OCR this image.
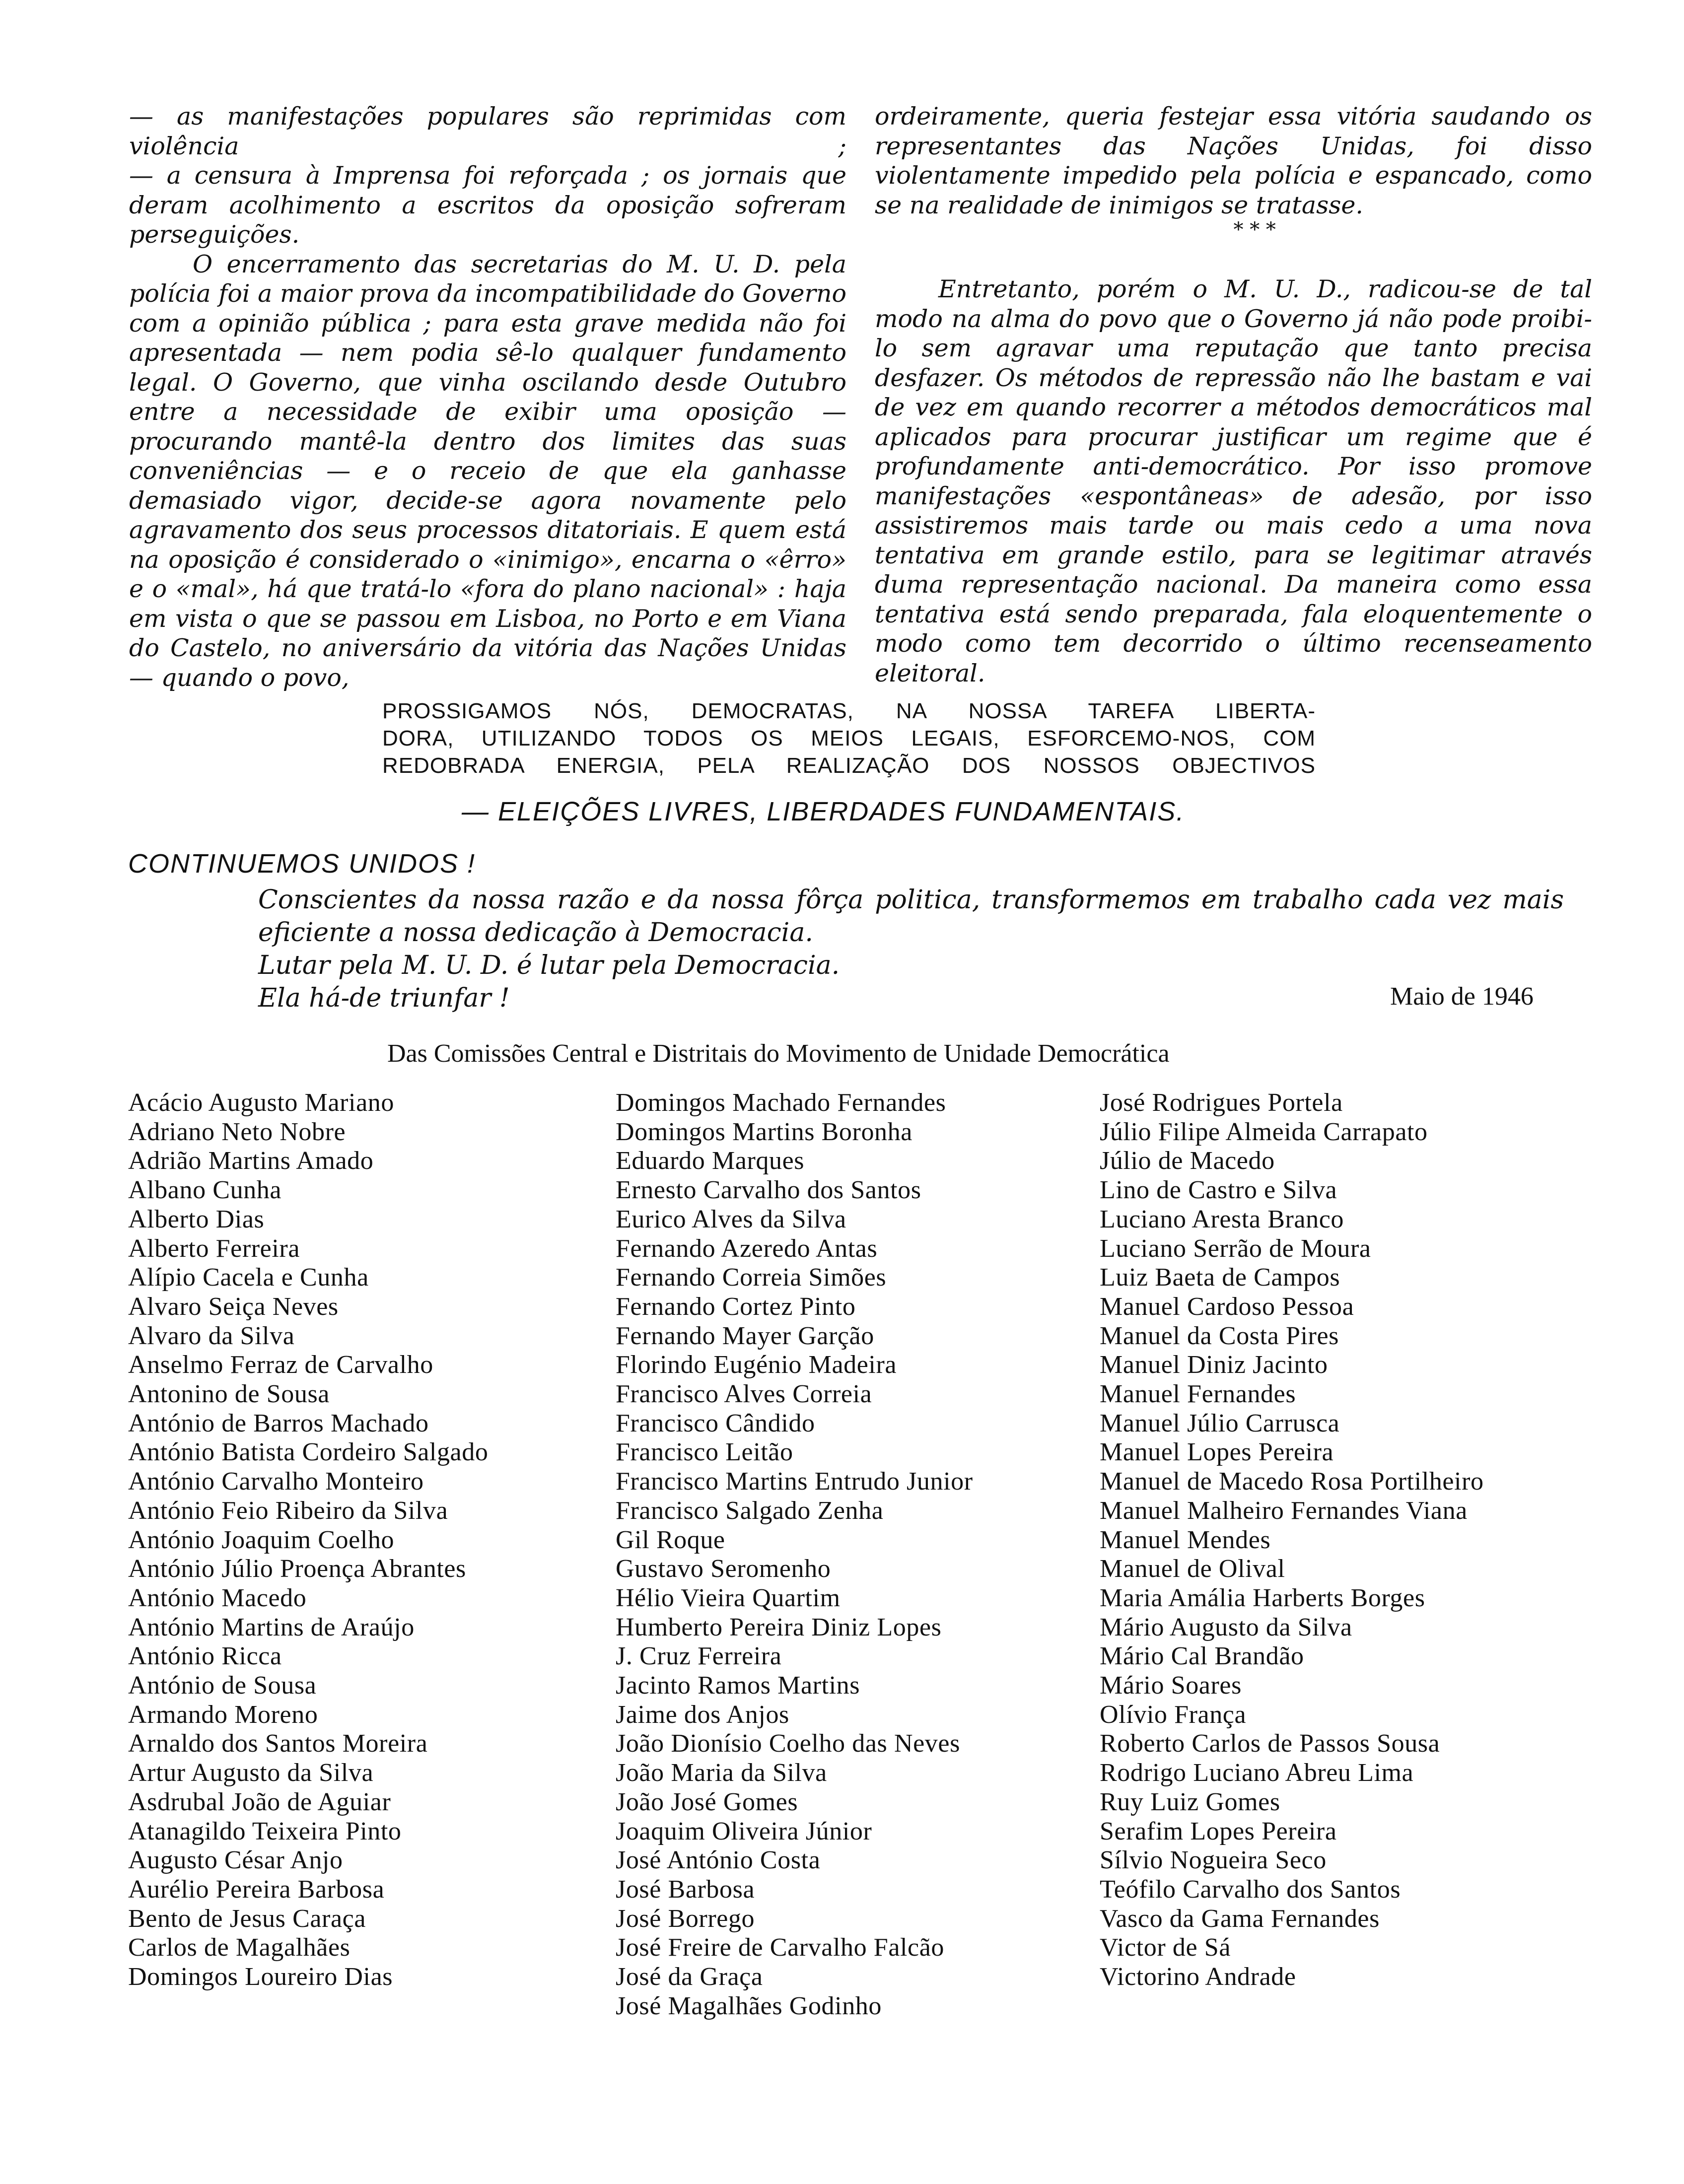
— as manifestações populares são reprimidas com violência ;

— a censura à Imprensa foi reforçada ; os jornais que deram acolhimento a escritos da oposição sofreram perseguições.

O encerramento das secretarias do M. U. D. pela polícia foi a maior prova da incompatibilidade do Governo com a opinião pública ; para esta grave medida não foi apresentada — nem podia sê-lo qualquer fundamento legal. O Governo, que vinha oscilando desde Outubro entre a necessidade de exibir uma oposição — procurando mantê-la dentro dos limites das suas conveniências — e o receio de que ela ganhasse demasiado vigor, decide-se agora novamente pelo agravamento dos seus processos ditatoriais. E quem está na oposição é considerado o «inimigo», encarna o «êrro» e o «mal», há que tratá-lo «fora do plano nacional» : haja em vista o que se passou em Lisboa, no Porto e em Viana do Castelo, no aniversário da vitória das Nações Unidas — quando o povo,

ordeiramente, queria festejar essa vitória saudando os representantes das Nações Unidas, foi disso violentamente impedido pela polícia e espancado, como se na realidade de inimigos se tratasse.

* * *

Entretanto, porém o M. U. D., radicou-se de tal modo na alma do povo que o Governo já não pode proibi-lo sem agravar uma reputação que tanto precisa desfazer. Os métodos de repressão não lhe bastam e vai de vez em quando recorrer a métodos democráticos mal aplicados para procurar justificar um regime que é profundamente anti-democrático. Por isso promove manifestações «espontâneas» de adesão, por isso assistiremos mais tarde ou mais cedo a uma nova tentativa em grande estilo, para se legitimar através duma representação nacional. Da maneira como essa tentativa está sendo preparada, fala eloquentemente o modo como tem decorrido o último recenseamento eleitoral.

PROSSIGAMOS NÓS, DEMOCRATAS, NA NOSSA TAREFA LIBERTA-

DORA, UTILIZANDO TODOS OS MEIOS LEGAIS, ESFORCEMO-NOS, COM

REDOBRADA ENERGIA, PELA REALIZAÇÃO DOS NOSSOS OBJECTIVOS

— ELEIÇÕES LIVRES, LIBERDADES FUNDAMENTAIS.
CONTINUEMOS UNIDOS !

Conscientes da nossa razão e da nossa fôrça politica, transformemos em trabalho cada vez mais

eficiente a nossa dedicação à Democracia.

Lutar pela M. U. D. é lutar pela Democracia.

Ela há-de triunfar !	Maio de 1946
Das Comissões Central e Distritais do Movimento de Unidade Democrática
Acácio Augusto Mariano
Adriano Neto Nobre
Adrião Martins Amado
Albano Cunha
Alberto Dias
Alberto Ferreira
Alípio Cacela e Cunha
Alvaro Seiça Neves
Alvaro da Silva
Anselmo Ferraz de Carvalho
Antonino de Sousa
António de Barros Machado
António Batista Cordeiro Salgado
António Carvalho Monteiro
António Feio Ribeiro da Silva
António Joaquim Coelho
António Júlio Proença Abrantes
António Macedo
António Martins de Araújo
António Ricca
António de Sousa
Armando Moreno
Arnaldo dos Santos Moreira
Artur Augusto da Silva
Asdrubal João de Aguiar
Atanagildo Teixeira Pinto
Augusto César Anjo
Aurélio Pereira Barbosa
Bento de Jesus Caraça
Carlos de Magalhães
Domingos Loureiro Dias
Domingos Machado Fernandes
Domingos Martins Boronha
Eduardo Marques
Ernesto Carvalho dos Santos
Eurico Alves da Silva
Fernando Azeredo Antas
Fernando Correia Simões
Fernando Cortez Pinto
Fernando Mayer Garção
Florindo Eugénio Madeira
Francisco Alves Correia
Francisco Cândido
Francisco Leitão
Francisco Martins Entrudo Junior
Francisco Salgado Zenha
Gil Roque
Gustavo Seromenho
Hélio Vieira Quartim
Humberto Pereira Diniz Lopes
J. Cruz Ferreira
Jacinto Ramos Martins
Jaime dos Anjos
João Dionísio Coelho das Neves
João Maria da Silva
João José Gomes
Joaquim Oliveira Júnior
José António Costa
José Barbosa
José Borrego
José Freire de Carvalho Falcão
José da Graça
José Magalhães Godinho
José Rodrigues Portela
Júlio Filipe Almeida Carrapato
Júlio de Macedo
Lino de Castro e Silva
Luciano Aresta Branco
Luciano Serrão de Moura
Luiz Baeta de Campos
Manuel Cardoso Pessoa
Manuel da Costa Pires
Manuel Diniz Jacinto
Manuel Fernandes
Manuel Júlio Carrusca
Manuel Lopes Pereira
Manuel de Macedo Rosa Portilheiro
Manuel Malheiro Fernandes Viana
Manuel Mendes
Manuel de Olival
Maria Amália Harberts Borges
Mário Augusto da Silva
Mário Cal Brandão
Mário Soares
Olívio França
Roberto Carlos de Passos Sousa
Rodrigo Luciano Abreu Lima
Ruy Luiz Gomes
Serafim Lopes Pereira
Sílvio Nogueira Seco
Teófilo Carvalho dos Santos
Vasco da Gama Fernandes
Victor de Sá
Victorino Andrade
